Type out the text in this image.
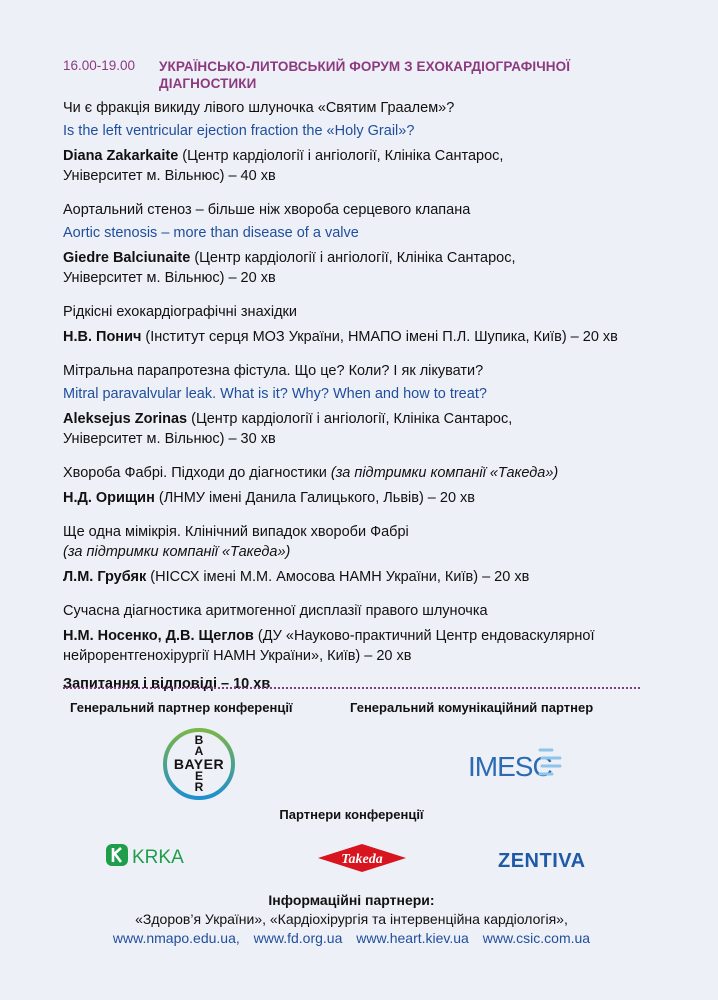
16.00-19.00 УКРАЇНСЬКО-ЛИТОВСЬКИЙ ФОРУМ З ЕХОКАРДІОГРАФІЧНОЇ
ДІАГНОСТИКИ
Чи є фракція викиду лівого шлуночка «Святим Граалем»?
Is the left ventricular ejection fraction the «Holy Grail»?
Diana Zakarkaite (Центр кардіології і ангіології, Клініка Сантарос,
Університет м. Вільнюс) – 40 хв
Аортальний стеноз – більше ніж хвороба серцевого клапана
Aortic stenosis – more than disease of a valve
Giedre Balciunaite (Центр кардіології і ангіології, Клініка Сантарос,
Університет м. Вільнюс) – 20 хв
Рідкісні ехокардіографічні знахідки
Н.В. Понич (Інститут серця МОЗ України, НМАПО імені П.Л. Шупика, Київ) – 20 хв
Мітральна парапротезна фістула. Що це? Коли? І як лікувати?
Mitral paravalvular leak. What is it? Why? When and how to treat?
Aleksejus Zorinas (Центр кардіології і ангіології, Клініка Сантарос,
Університет м. Вільнюс) – 30 хв
Хвороба Фабрі. Підходи до діагностики (за підтримки компанії «Такеда»)
Н.Д. Орищин (ЛНМУ імені Данила Галицького, Львів) – 20 хв
Ще одна мімікрія. Клінічний випадок хвороби Фабрі
(за підтримки компанії «Такеда»)
Л.М. Грубяк (НІССХ імені М.М. Амосова НАМН України, Київ) – 20 хв
Сучасна діагностика аритмогенної дисплазії правого шлуночка
Н.М. Носенко, Д.В. Щеглов (ДУ «Науково-практичний Центр ендоваскулярної
нейрорентгенохірургії НАМН України», Київ) – 20 хв
Запитання і відповіді – 10 хв
Генеральний партнер конференції	Генеральний комунікаційний партнер
BAYER
B
A
E
R
IMESC
Партнери конференції
KRKA	Takeda	ZENTIVA
Інформаційні партнери:
«Здоров’я України», «Кардіохірургія та інтервенційна кардіологія»,
www.nmapo.edu.ua, www.fd.org.ua www.heart.kiev.ua www.csic.com.ua
